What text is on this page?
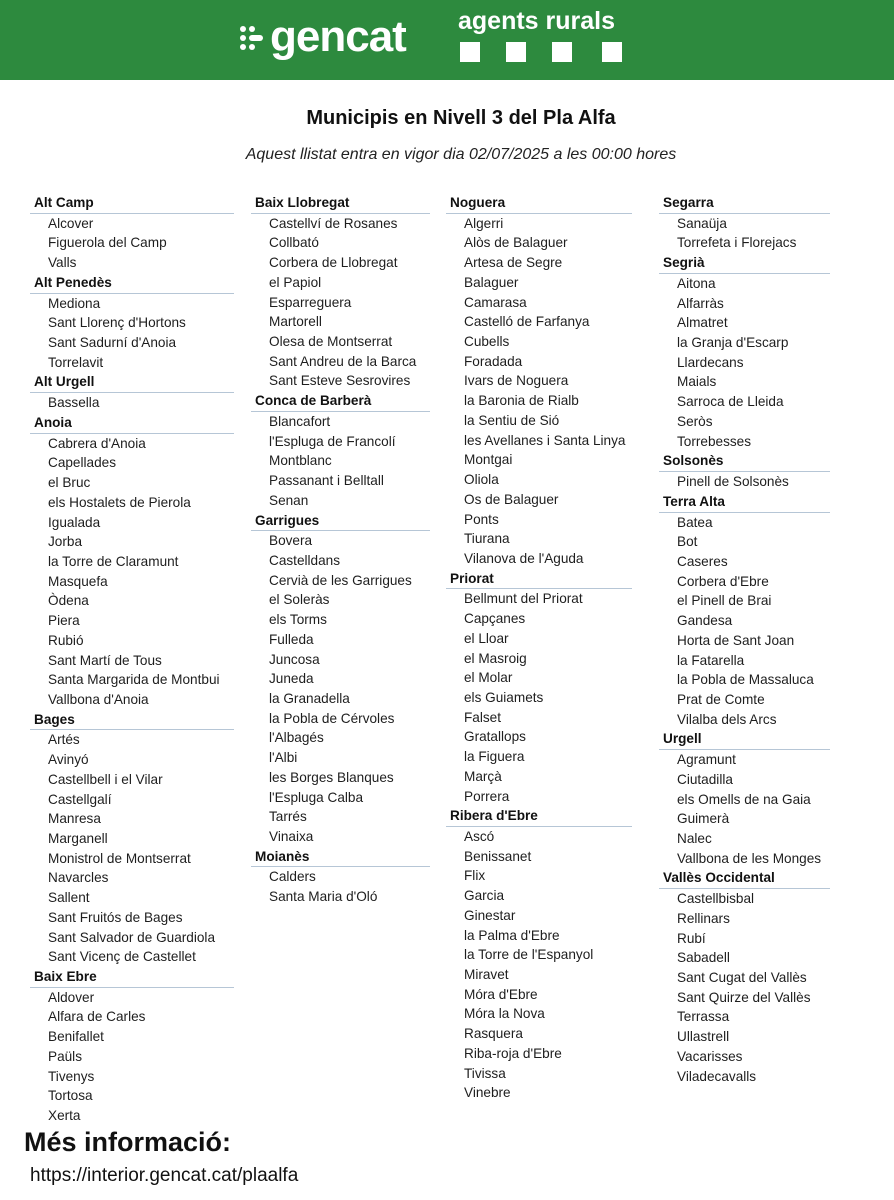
gencat agents rurals
Municipis en Nivell 3 del Pla Alfa
Aquest llistat entra en vigor dia 02/07/2025 a les 00:00 hores
Alt Camp
Alcover
Figuerola del Camp
Valls
Alt Penedès
Mediona
Sant Llorenç d'Hortons
Sant Sadurní d'Anoia
Torrelavit
Alt Urgell
Bassella
Anoia
Cabrera d'Anoia
Capellades
el Bruc
els Hostalets de Pierola
Igualada
Jorba
la Torre de Claramunt
Masquefa
Òdena
Piera
Rubió
Sant Martí de Tous
Santa Margarida de Montbui
Vallbona d'Anoia
Bages
Artés
Avinyó
Castellbell i el Vilar
Castellgalí
Manresa
Marganell
Monistrol de Montserrat
Navarcles
Sallent
Sant Fruitós de Bages
Sant Salvador de Guardiola
Sant Vicenç de Castellet
Baix Ebre
Aldover
Alfara de Carles
Benifallet
Paüls
Tivenys
Tortosa
Xerta
Baix Llobregat
Castellví de Rosanes
Collbató
Corbera de Llobregat
el Papiol
Esparreguera
Martorell
Olesa de Montserrat
Sant Andreu de la Barca
Sant Esteve Sesrovires
Conca de Barberà
Blancafort
l'Espluga de Francolí
Montblanc
Passanant i Belltall
Senan
Garrigues
Bovera
Castelldans
Cervià de les Garrigues
el Soleràs
els Torms
Fulleda
Juncosa
Juneda
la Granadella
la Pobla de Cérvoles
l'Albagés
l'Albi
les Borges Blanques
l'Espluga Calba
Tarrés
Vinaixa
Moianès
Calders
Santa Maria d'Oló
Noguera
Algerri
Alòs de Balaguer
Artesa de Segre
Balaguer
Camarasa
Castelló de Farfanya
Cubells
Foradada
Ivars de Noguera
la Baronia de Rialb
la Sentiu de Sió
les Avellanes i Santa Linya
Montgai
Oliola
Os de Balaguer
Ponts
Tiurana
Vilanova de l'Aguda
Priorat
Bellmunt del Priorat
Capçanes
el Lloar
el Masroig
el Molar
els Guiamets
Falset
Gratallops
la Figuera
Marçà
Porrera
Ribera d'Ebre
Ascó
Benissanet
Flix
Garcia
Ginestar
la Palma d'Ebre
la Torre de l'Espanyol
Miravet
Móra d'Ebre
Móra la Nova
Rasquera
Riba-roja d'Ebre
Tivissa
Vinebre
Segarra
Sanaüja
Torrefeta i Florejacs
Segrià
Aitona
Alfarràs
Almatret
la Granja d'Escarp
Llardecans
Maials
Sarroca de Lleida
Seròs
Torrebesses
Solsonès
Pinell de Solsonès
Terra Alta
Batea
Bot
Caseres
Corbera d'Ebre
el Pinell de Brai
Gandesa
Horta de Sant Joan
la Fatarella
la Pobla de Massaluca
Prat de Comte
Vilalba dels Arcs
Urgell
Agramunt
Ciutadilla
els Omells de na Gaia
Guimerà
Nalec
Vallbona de les Monges
Vallès Occidental
Castellbisbal
Rellinars
Rubí
Sabadell
Sant Cugat del Vallès
Sant Quirze del Vallès
Terrassa
Ullastrell
Vacarisses
Viladecavalls
Més informació:
https://interior.gencat.cat/plaalfa
